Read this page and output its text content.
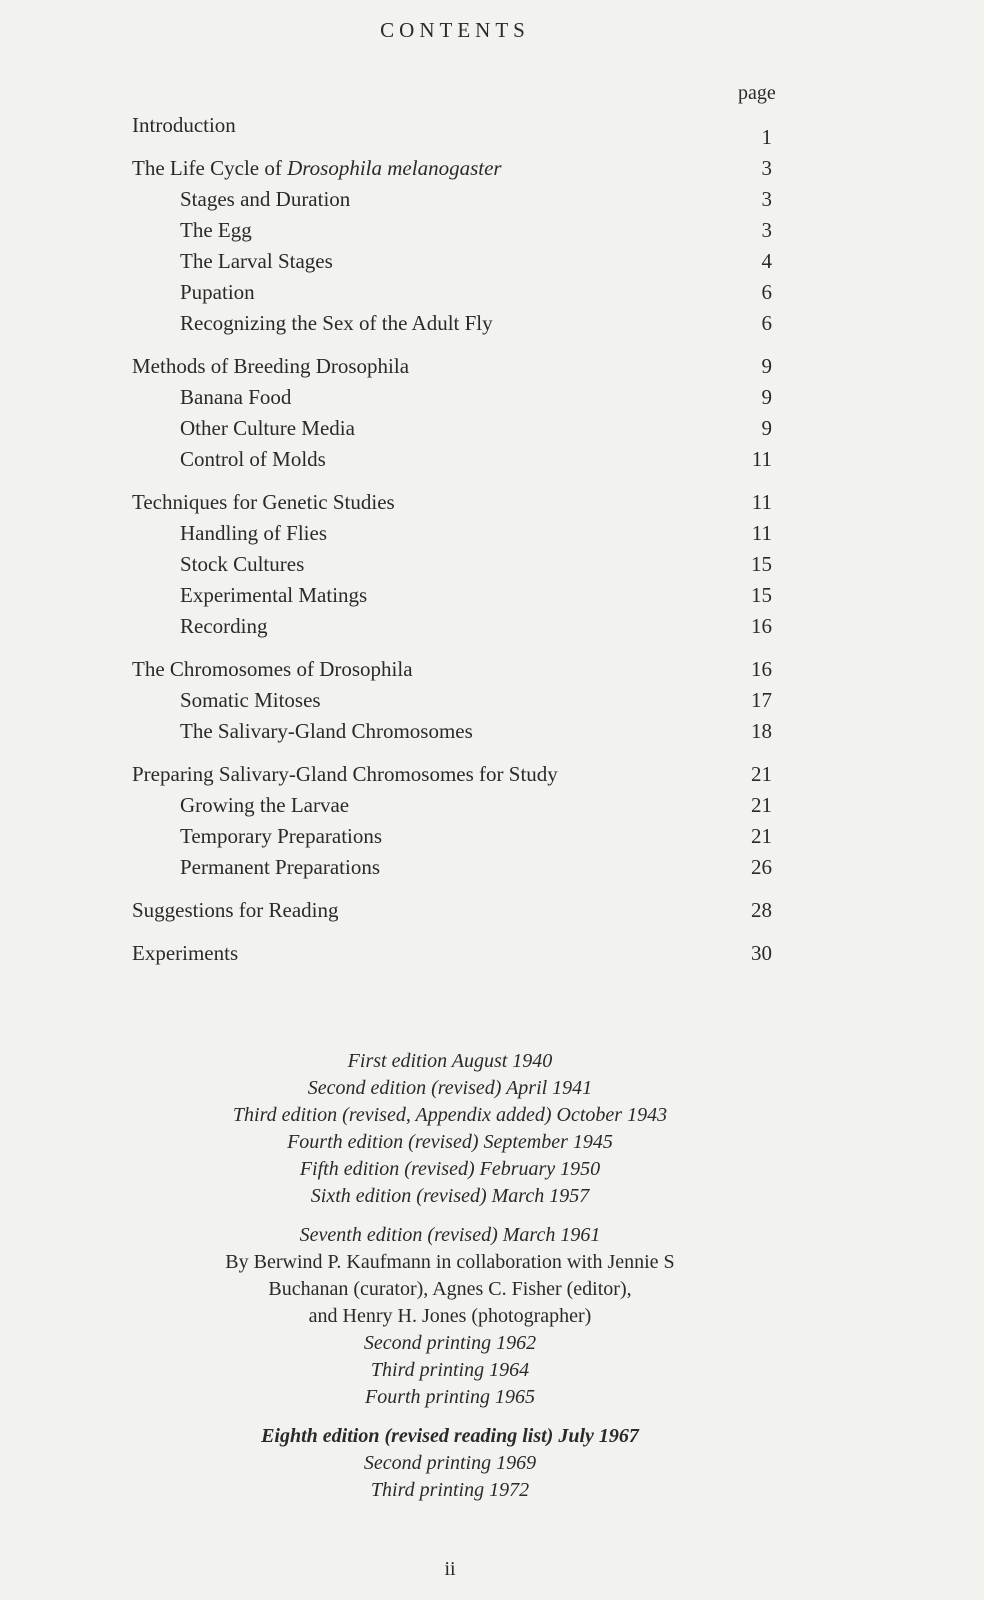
CONTENTS
page
Introduction	1
The Life Cycle of Drosophila melanogaster	3
Stages and Duration	3
The Egg	3
The Larval Stages	4
Pupation	6
Recognizing the Sex of the Adult Fly	6
Methods of Breeding Drosophila	9
Banana Food	9
Other Culture Media	9
Control of Molds	11
Techniques for Genetic Studies	11
Handling of Flies	11
Stock Cultures	15
Experimental Matings	15
Recording	16
The Chromosomes of Drosophila	16
Somatic Mitoses	17
The Salivary-Gland Chromosomes	18
Preparing Salivary-Gland Chromosomes for Study	21
Growing the Larvae	21
Temporary Preparations	21
Permanent Preparations	26
Suggestions for Reading	28
Experiments	30
First edition August 1940
Second edition (revised) April 1941
Third edition (revised, Appendix added) October 1943
Fourth edition (revised) September 1945
Fifth edition (revised) February 1950
Sixth edition (revised) March 1957
Seventh edition (revised) March 1961
By Berwind P. Kaufmann in collaboration with Jennie S
Buchanan (curator), Agnes C. Fisher (editor),
and Henry H. Jones (photographer)
Second printing 1962
Third printing 1964
Fourth printing 1965
Eighth edition (revised reading list) July 1967
Second printing 1969
Third printing 1972
ii
